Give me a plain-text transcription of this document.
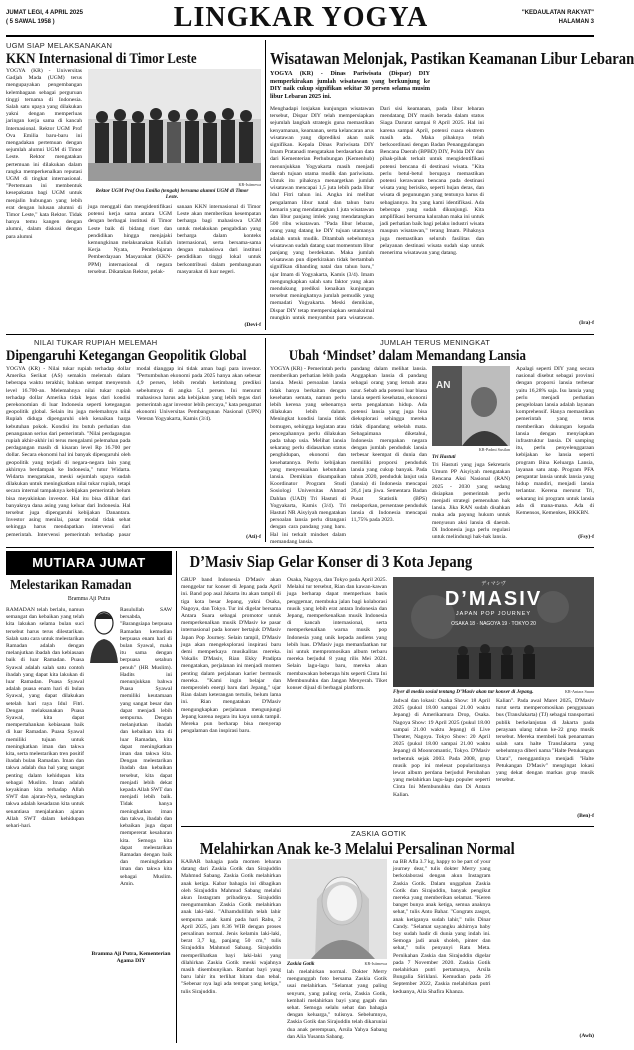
JUMAT LEGI, 4 APRIL 2025
( 5 SAWAL 1958 )	LINGKAR YOGYA	"KEDAULATAN RAKYAT"
HALAMAN 3
UGM SIAP MELAKSANAKAN
KKN Internasional di Timor Leste
YOGYA (KR) - Universitas Gadjah Mada (UGM) terus mengupayakan pengembangan kelembagaan sebagai perguruan tinggi ternama di Indonesia. Salah satu upaya yang dilakukan yakni dengan memperluas jaringan kerja sama di kancah Internasional. Rektor UGM Prof Ova Emilia baru-baru ini mengadakan pertemuan dengan sejumlah alumni UGM di Timor Leste. Rektor mengatakan pertemuan ini dilakukan dalam rangka memperkenalkan reputasi UGM di tingkat internasional. "Pertemuan ini membentuk kesepakatan bagi UGM untuk menjalin hubungan yang lebih erat dengan lulusan alumni di Timor Leste," kata Rektor. Tidak hanya temu kangen dengan alumni, dalam diskusi dengan para alumni
KR-Istimewa
Rektor UGM Prof Ova Emilia (tengah) bersama alumni UGM di Timor Leste.
juga menggali dan mengidentifikasi potensi kerja sama antara UGM dengan berbagai institusi di Timor Leste baik di bidang riset dan pendidikan hingga menjajaki kemungkinan melaksanakan Kuliah Kerja Nyata, Pembelajaran Pemberdayaan Masyarakat (KKN-PPM) internasional di negara tersebut. Dikatakan Rektor, pelak-
sanaan KKN internasional di Timor Leste akan memberikan kesempatan berharga bagi mahasiswa UGM untuk melakukan pengabdian yang berharga dalam konteks internasional, serta bersama-sama dengan mahasiswa dari institusi pendidikan tinggi lokal untuk berkontribusi dalam pembangunan masyarakat di luar negeri.
(Devi-f
Wisatawan Melonjak, Pastikan Keamanan Libur Lebaran
YOGYA (KR) - Dinas Pariwisata (Dispar) DIY memperkirakan jumlah wisatawan yang berkunjung ke DIY naik cukup signifikan sekitar 30 persen selama musim libur Lebaran 2025 ini.
Menghadapi lonjakan kunjungan wisatawan tersebut, Dispar DIY telah mempersiapkan sejumlah langkah strategis guna memastikan kenyamanan, keamanan, serta kelancaran arus wisatawan yang diprediksi akan naik signifikan. Kepala Dinas Pariwisata DIY Imam Pratanadi mengatakan berdasarkan data dari Kementerian Perhubungan (Kemenhub) menunjukkan Yogyakarta masih menjadi daerah tujuan utama mudik dan pariwisata. Untuk itu pihaknya menargetkan jumlah wisatawan mencapai 1,5 juta lebih pada libur Idul Fitri tahun ini. Angka ini melihat pengalaman libur natal dan tahun baru kemarin yang mendatangkan 1 juta wisatawan dan libur panjang imlek yang mendatangkan 500 ribu wisatawan. "Pada libur lebaran, orang yang datang ke DIY tujuan utamanya adalah untuk mudik. Ditambah sebelumnya wisatawan sudah datang saat momentum libur panjang yang berdekatan. Maka jumlah wisatawan pun diperkirakan tidak bertambah signifikan dibanding natal dan tahun baru," ujar Imam di Yogyakarta, Kamis (3/4). Imam mengungkapkan salah satu faktor yang akan mendukung prediksi kenaikan kunjungan tersebut meningkatnya jumlah pemudik yang memadati Yogyakarta. Meski demikian, Dispar DIY tetap mempersiapkan semaksimal mungkin untuk menyambut para wisatawan. Dari sisi keamanan, pada libur lebaran mendatang DIY masih berada dalam status Siaga Darurat sampai 8 April 2025. Hal ini karena sampai April, potensi cuaca ekstrem masih ada. Maka pihaknya telah berkoordinasi dengan Badan Penanggulangan Bencana Daerah (BPBD) DIY, Polda DIY dan pihak-pihak terkait untuk mengidentifikasi potensi bencana di destinasi wisata. "Kita perlu betul-betul berupaya memastikan potensi kerawanan bencana pada destinasi wisata yang berisiko, seperti hujan deras, dan wisata di pegunungan yang tentunya harus di sebagiannya. Itu yang kami identifikasi. Ada beberapa yang sudah dikunjungi. Kita amplifikasi bersama kalurahan maka ini untuk jadi perhatian baik bagi pelaku industri wisata maupun wisatawan," terang Imam. Pihaknya juga memastikan seluruh fasilitas dan pelayanan destinasi wisata sudah siap untuk menerima wisatawan yang datang.
(Ira)-f
NILAI TUKAR RUPIAH MELEMAH
Dipengaruhi Ketegangan Geopolitik Global
YOGYA (KR) - Nilai tukar rupiah terhadap dollar Amerika Serikat (AS) semakin melemah dalam beberapa waktu terakhir, bahkan sempat menyentuh level 16.700-an. Melemahnya nilai tukar rupiah terhadap dollar Amerika tidak lepas dari kondisi perekonomian di luar Indonesia seperti ketegangan geopolitik global. Selain itu juga melemahnya nilai Rupiah diduga dipengaruhi oleh kenaikan harga kebutuhan pokok. Kondisi itu butuh perhatian dan penanganan serius dari pemerintah. "Nilai perdagangan rupiah akhir-akhir ini terus mengalami pelemahan pada perdagangan masih di kisaran level Rp 16.700 per dollar. Secara ekonomi hal ini banyak dipengaruhi oleh geopolitik yang terjadi di negara-negara lain yang akhirnya berdampak ke Indonesia," tutur Widarta. Widarta mengatakan, meski sejumlah upaya sudah dilakukan untuk meningkatkan nilai tukar rupiah, tetapi secara internal tampaknya kebijakan pemerintah belum bisa meyakinkan investor. Hal itu bisa dilihat dari banyaknya dana asing yang keluar dari Indonesia. Hal tersebut juga dipengaruhi kebijakan Danantara. Investor asing menilai, pasar modal tidak sehat sehingga harus mendapatkan intervensi dari pemerintah. Intervensi pemerintah terhadap pasar modal dianggap ini tidak aman bagi para investor. "Pertumbuhan ekonomi pada 2025 hanya akan sebesar 4,9 persen, lebih rendah ketimbang prediksi sebelumnya di angka 5,1 persen. Ini menurut mahasiswa harus ada kebijakan yang lebih tegas dari pemerintah agar investor lebih percaya," kata pengamat ekonomi Universitas Pembangunan Nasional (UPN) Veteran Yogyakarta, Kamis (3/4).
(Ati)-f
JUMLAH TERUS MENINGKAT
Ubah ‘Mindset’ dalam Memandang Lansia
YOGYA (KR) - Pemerintah perlu memberikan perhatian lebih pada lansia. Meski persoalan lansia tidak hanya berkaitan dengan kesehatan semata, namun perlu lebih kerena yang sebenarnya dilakukan lebih dalam. Meningkat kondisi lansia tidak bomugen, sehingga kegiatan atau pencegahannya perlu dilakukan pada tahap usia. Melihat lansia sekarang perlu didasarkan status penghidupan, ekonomi dan kesehatannya. Perlu kebijakan yang menyesuaikan kebutuhan lansia. Demikian disampaikan Koordinator Program Studi Sosiologi Universitas Ahmad Dahlan (UAD) Tri Hastuti di Yogyakarta, Kamis (3/4). Tri Hastuti NR Aisyiyah mengatakan persoalan lansia perlu ditangani dengan cara pandang yang baru. Hal ini terkait mindset dalam memandang lansia.
pandang dalam melihat lansia. Anggapkan lansia di pandang sebagai orang yang lemah atau uzur. Sebab ada potensi luar biasa lansia seperti kesehatan, ekonomi serta pengalaman hidup. Ada potensi lansia yang juga bisa dieksplorasi sehingga mereka tidak dipandang sebelah mata. Sebagaimana diketahui, Indonesia merupakan negara dengan jumlah penduduk lansia terbesar keempat di dunia dan memiliki proporsi penduduk lansia yang cukup banyak. Pada tahun 2020, penduduk lanjut usia (lansia) di Indonesia mencapai 26,4 juta jiwa. Sementara Badan Pusat Statistik (BPS) melaporkan, persentase penduduk lansia di Indonesia mencapai 11,75% pada 2023.
AN
KR-Padmi Susilan
Tri Hastuti
Tri Hastuti yang juga Sekretaris Umum PP Aisyiyah mengatakan Rencana Aksi Nasional (RAN) 2025 - 2030 yang sedang disiapkan pemerintah perlu menjadi strategi pemenuhan hak lansia. Jika RAN sudah disahkan maka ada payung hukum untuk menyusun aksi lansia di daerah. Di Indonesia juga perlu regulasi untuk melindungi hak-hak lansia.
Apalagi seperti DIY yang secara nasional disebut sebagai provinsi dengan proporsi lansia terbesar yaitu 16,28% saja. Isu lansia yang perlu menjadi perhatian pengelolaan lansia adalah layanan komprehensif. Hanya memastikan pemerintah yang terus memberikan dukungan kepada lansia dengan menyiapkan infrastruktur lansia. Di samping itu, perlu penyelenggaraan kebijakan ke lansia seperti program Bina Keluarga Lansia, layanan satu atap. Program PFA pengantar lansia untuk lansia yang hidup mandiri, menjadi lansia terlantar. Kerena merurut Tri, sekarang ini program untuk lansia ada di mana-mana. Ada di Kemensos, Kemenkes, BKKBN.
(Fsy)-f
MUTIARA JUMAT
Melestarikan Ramadan
Bramma Aji Putra
RAMADAN telah berlalu, namun semangat dan kebaikan yang telah kita lakukan selama bulan suci tersebut harus terus dilestarikan. Salah satu cara untuk melestarikan Ramadan adalah dengan melanjutkan ibadah dan kebiasaan baik di luar Ramadan. Puasa Syawal adalah salah satu contoh ibadah yang dapat kita lakukan di luar Ramadan. Puasa Syawal adalah puasa enam hari di bulan Syawal, yang dapat dilakukan setelah hari raya Idul Fitri. Dengan melaksanakan Puasa Syawal, kita dapat mempertahankan kebiasaan baik di luar Ramadan. Puasa Syawal memiliki tujuan untuk meningkatkan iman dan takwa kita, serta melestarikan tren positif ibadah bulan Ramadan. Iman dan takwa adalah dua hal yang sangat penting dalam kehidupan kita sebagai Muslim. Iman adalah keyakinan kita terhadap Allah SWT dan ajaran-Nya, sedangkan takwa adalah kesadaran kita untuk senantiasa menjalankan ajaran Allah SWT dalam kehidupan sehari-hari.
Rasulullah SAW bersabda, "Barangsiapa berpuasa Ramadan kemudian berpuasa enam hari di bulan Syawal, maka itu sama dengan berpuasa setahun penuh" (HR Muslim). Hadits ini menunjukkan bahwa Puasa Syawal memiliki keutamaan yang sangat besar dan dapat menjadi lebih sempurna. Dengan melanjutkan ibadah dan kebaikan kita di luar Ramadan, kita dapat meningkatkan iman dan takwa kita. Dengan melestarikan ibadah dan kebaikan tersebut, kita dapat menjadi lebih dekat kepada Allah SWT dan menjadi lebih baik. Tidak hanya meningkatkan iman dan takwa, ibadah dan kebaikan juga dapat mempererat kesabaran kita. Semoga kita dapat melestarikan Ramadan dengan baik dan meningkatkan iman dan takwa kita sebagai Muslim. Amin.
Bramma Aji Putra, Kementerian Agama DIY
D’Masiv Siap Gelar Konser di 3 Kota Jepang
GRUP band Indonesia D'Masiv akan menggelar tur konser di Jepang pada April ini. Band pop asal Jakarta itu akan tampil di tiga kota besar Jepang, yakni Osaka, Nagoya, dan Tokyo. Tur ini digelar bersama Antara Suara sebagai promotor untuk memperkenalkan musik D'Masiv ke pasar internasional pada konser bertajuk D'Masiv Japan Pop Journey. Selain tampil, D'Masiv juga akan mengeksplorasi inspirasi baru demi memperkaya musikalitas mereka. Vokalis D'Masiv, Rian Ekky Pradipta mengatakan, perjalanan ini menjadi momen penting dalam perjalanan karier bermusik mereka. "Kami ingin belajar dan memperoleh energi baru dari Jepang," ujar Rian dalam keterangan tertulis, belum lama ini. Rian mengatakan D'Masiv mengungkapkan perjalanan mengunjungi Jepang karena negara itu kaya untuk tampil. Mereka pun berharap bisa menyerap pengalaman dan inspirasi baru.
Osaka, Nagoya, dan Tokyo pada April 2025. Melalui tur tersebut, Rian dan kawan-kawan juga berharap dapat memperluas basis penggemar, membuka jalan bagi kolaborasi musik yang lebih erat antara Indonesia dan Jepang, memperkenalkan musik Indonesia di kancah internasional, serta memperkenalkan warna musik pop Indonesia yang unik kepada audiens yang lebih luas. D'Masiv juga memanfaatkan tur ini untuk mempromosikan album terbaru mereka berjudul 8 yang rilis Mei 2024. Selain lagu-lagu baru, mereka akan membawakan beberapa hits seperti Cinta Ini Membunuhku dan Jangan Menyerah. Tiket konser dijual di berbagai platform.
ディマシヴ
D’MASIV
JAPAN POP JOURNEY
OSAKA 18 · NAGOYA 19 · TOKYO 20
Flyer di media sosial tentang D’Masiv akan tur konser di Jepang.	KR-Antara Suara
Jadwal dan lokasi: Osaka Show: 18 April 2025 (pukul 18.00 sampai 21.00 waktu Jepang) di Amerikamura Drop, Osaka. Nagoya Show: 19 April 2025 (pukul 18.00 sampai 21.00 waktu Jepang) di Live Theater, Nagoya. Tokyo Show: 20 April 2025 (pukul 18.00 sampai 21.00 waktu Jepang) di Moonromantic, Tokyo. D'Masiv terbentuk sejak 2003. Pada 2008, grup musik pop ini melesat popularitasnya lewat album perdana berjudul Perubahan yang melahirkan lagu-lagu populer seperti Cinta Ini Membunuhku dan Di Antara Kalian.
Kalian". Pada awal Maret 2025, D'Masiv turut serta memperomosikan penggunaan bus (TransJakarta) (TJ) sebagai transportasi publik berkelanjutan di Jakarta pada perayaan ulang tahun ke-22 grup musik tersebut. Mereka membeli bak penanaman salah satu halte TransJakarta yang sebelumnya diberi nama "Halte Petukangan Utara", menggantinya menjadi "Halte Petukangan D'Masiv" mengingat lokasi yang dekat dengan markas grup musik tersebut.
(Ben)-f
ZASKIA GOTIK
Melahirkan Anak ke-3 Melalui Persalinan Normal
KABAR bahagia pada momen lebaran datang dari Zaskia Gotik dan Sirajuddin Mahmud Sabang. Zaskia Gotik melahirkan anak ketiga. Kabar bahagia ini dibagikan oleh Sirajuddin Mahmud Sabang melalui akun Instagram pribadinya. Sirajuddin mengumumkan Zaskia Gotik melahirkan anak laki-laki. "Alhamdulillah telah lahir sempurna anak kami pada hari Rabu, 2 April 2025, jam 8.36 WIB dengan proses persalinan normal. Jenis kelamin laki-laki, berat 3,7 kg, panjang 50 cm," tulis Sirajuddin Mahmud Sabang. Sirajuddin memperlihatkan bayi laki-laki yang dilahirkan Zaskia Gotik meski wajahnya masih disembunyikan. Ramhat bayi yang baru lahir itu terlihat hitam dan tebal. "Sebenar nya lagi ada tempat yang ketiga," tulis Sirajuddin.
Zaskia Gotik	KR-Istimewa
lah melahirkan normal. Dokter Merry mengunggah foto bersama Zaskia Gotik usai melahirkan. "Selamat yang paling senyum, yang paling ceria, Zaskia Gotik, kembali melahirkan bayi yang gagah dan sehat. Semoga selalu sehat dan bahagia dengan keluarga," tulisnya. Sebelumnya, Zaskia Gotik dan Sirajuddin telah dikaruniai dua anak perempuan, Arsila Yahya Sabang dan Alia Yusanta Sabang.
na BB Afla 3.7 kg, happy to be part of your journey dear," tulis dokter Merry yang berkolaborasi dengan akun Instagram Zaskia Gotik. Dalam unggahan Zaskia Gotik dan Sirajuddin, banyak pengikut mereka yang memberikan selamat. "Keren banget bunya anak ketiga, semua anaknya sehat," tulis Anto Bahar. "Congrats zasgot, anak ketiganya sudah lahir," tulis Dinar Candy. "Selamat sayangku akhirnya baby boy sudah hadir di dunia yang indah ini. Semoga jadi anak sholeh, pinter dan sehat," tulis penyanyi Ratu Meta. Pernikahan Zaskia dan Sirajuddin digelar pada 7 November 2020. Zaskia Gotik melahirkan putri pertamanya, Arsila Bungalia Siriklani. Kemudian pada 26 September 2022, Zaskia melahirkan putri keduanya, Alia Shafira Khanza.
(Awh)
